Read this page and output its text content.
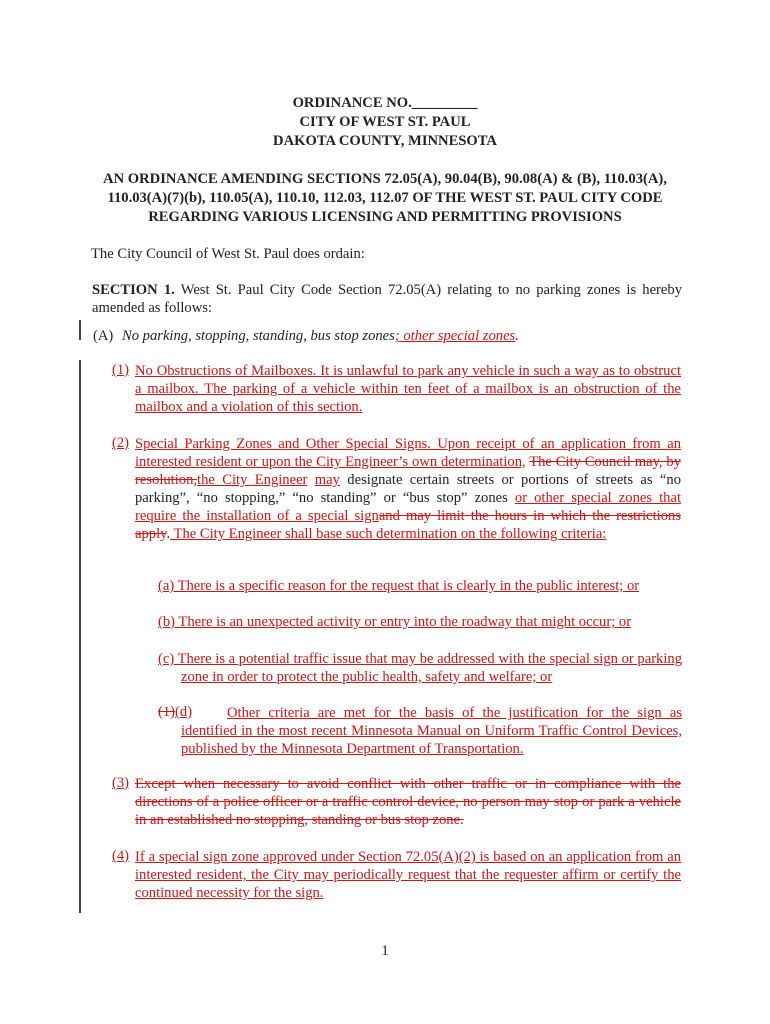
ORDINANCE NO._________
CITY OF WEST ST. PAUL
DAKOTA COUNTY, MINNESOTA
AN ORDINANCE AMENDING SECTIONS 72.05(A), 90.04(B), 90.08(A) & (B), 110.03(A),
110.03(A)(7)(b), 110.05(A), 110.10, 112.03, 112.07 OF THE WEST ST. PAUL CITY CODE
REGARDING VARIOUS LICENSING AND PERMITTING PROVISIONS
The City Council of West St. Paul does ordain:
SECTION 1. West St. Paul City Code Section 72.05(A) relating to no parking zones is hereby amended as follows:
(A) No parking, stopping, standing, bus stop zones; other special zones.
(1) No Obstructions of Mailboxes. It is unlawful to park any vehicle in such a way as to obstruct a mailbox. The parking of a vehicle within ten feet of a mailbox is an obstruction of the mailbox and a violation of this section.
(2) Special Parking Zones and Other Special Signs. Upon receipt of an application from an interested resident or upon the City Engineer’s own determination, The City Council may, by resolution,the City Engineer may designate certain streets or portions of streets as “no parking”, “no stopping,” “no standing” or “bus stop” zones or other special zones that require the installation of a special signand may limit the hours in which the restrictions apply. The City Engineer shall base such determination on the following criteria:
(a) There is a specific reason for the request that is clearly in the public interest; or
(b) There is an unexpected activity or entry into the roadway that might occur; or
(c) There is a potential traffic issue that may be addressed with the special sign or parking zone in order to protect the public health, safety and welfare; or
(1)(d)	Other criteria are met for the basis of the justification for the sign as identified in the most recent Minnesota Manual on Uniform Traffic Control Devices, published by the Minnesota Department of Transportation.
(3) Except when necessary to avoid conflict with other traffic or in compliance with the directions of a police officer or a traffic control device, no person may stop or park a vehicle in an established no stopping, standing or bus stop zone.
(4) If a special sign zone approved under Section 72.05(A)(2) is based on an application from an interested resident, the City may periodically request that the requester affirm or certify the continued necessity for the sign.
1
